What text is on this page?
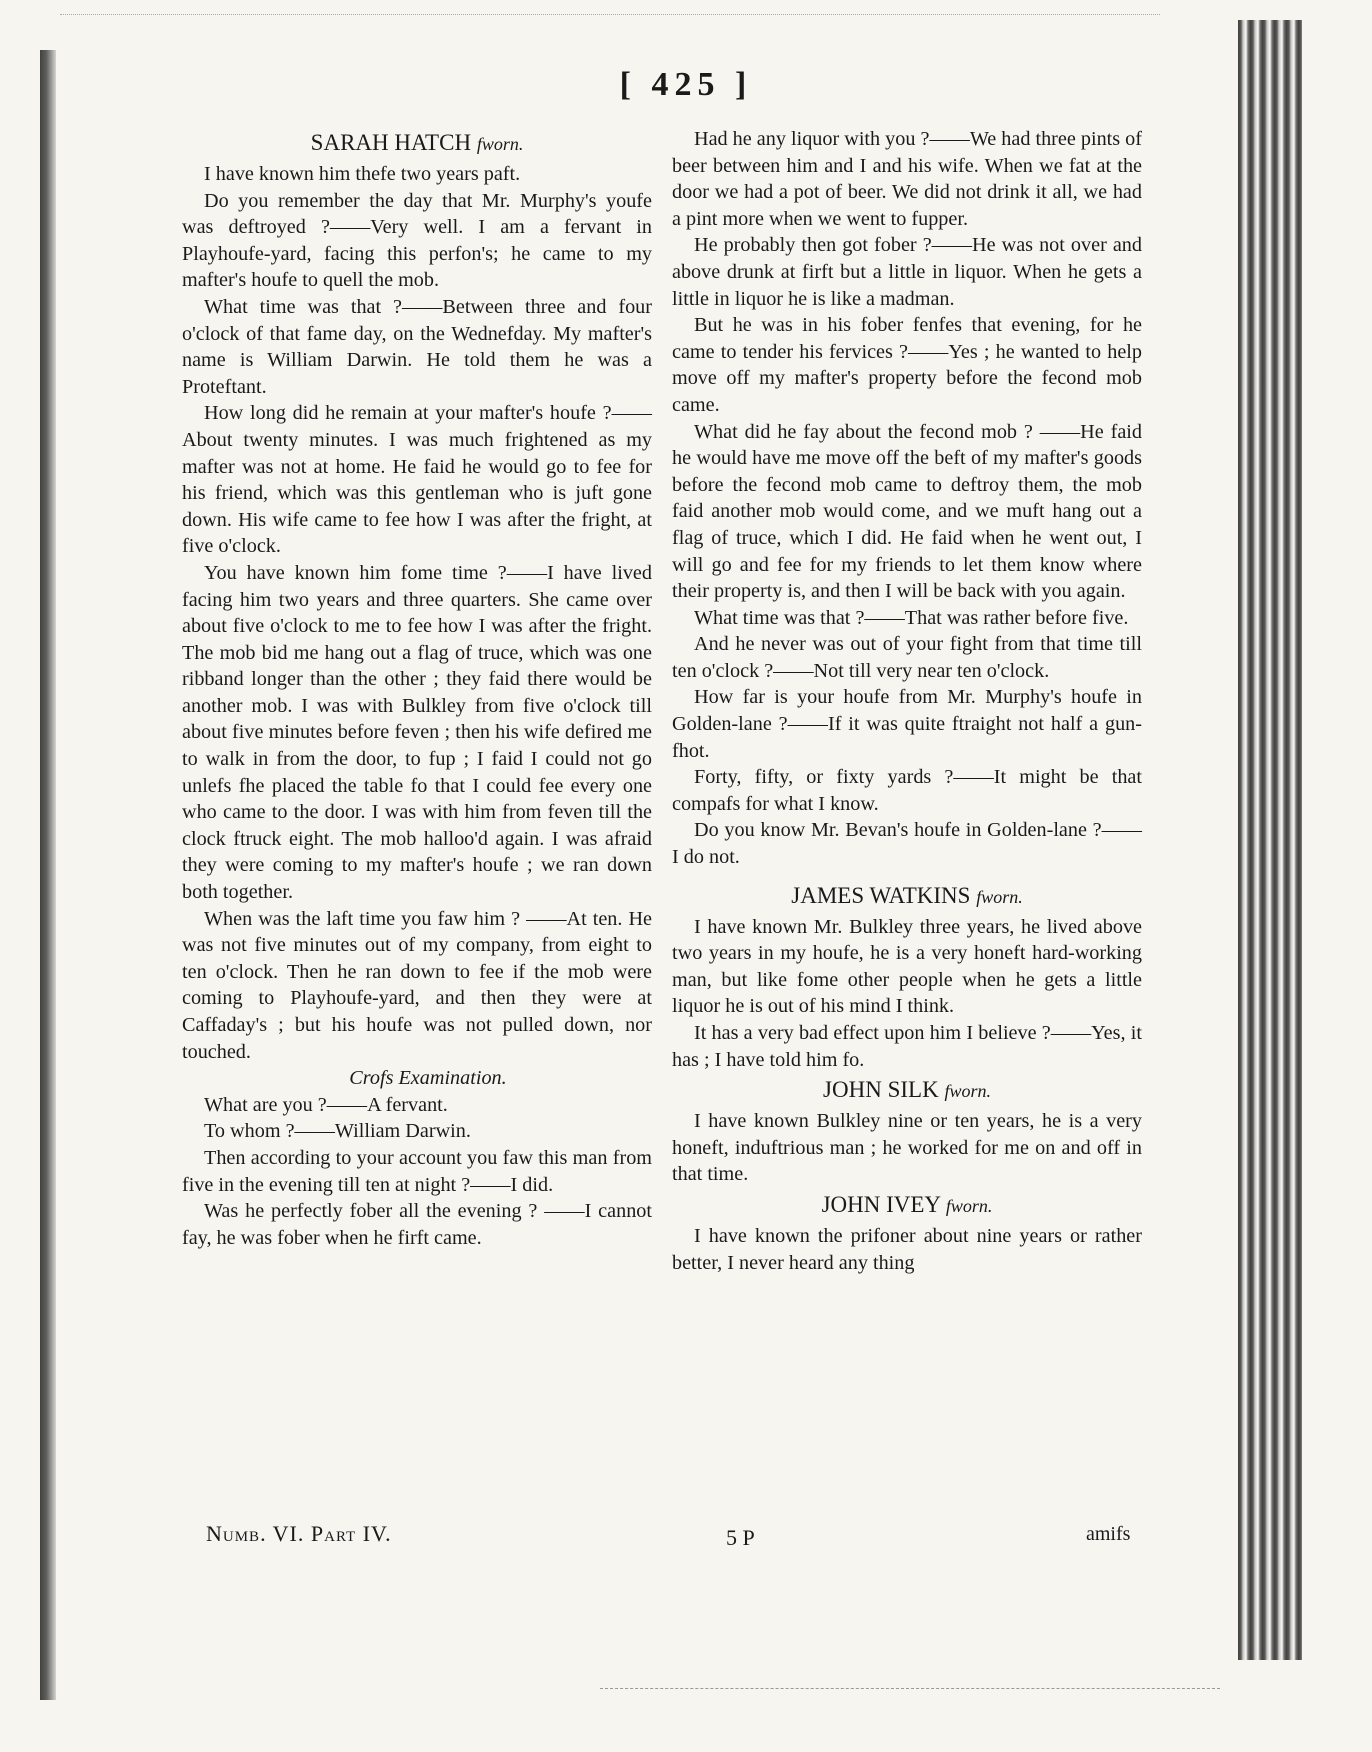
[ 425 ]
SARAH HATCH fworn.

I have known him thefe two years paft.

Do you remember the day that Mr. Murphy's youfe was deftroyed ?——Very well. I am a fervant in Playhoufe-yard, facing this perfon's; he came to my mafter's houfe to quell the mob.

What time was that ?——Between three and four o'clock of that fame day, on the Wednefday. My mafter's name is William Darwin. He told them he was a Proteftant.

How long did he remain at your mafter's houfe ?——About twenty minutes. I was much frightened as my mafter was not at home. He faid he would go to fee for his friend, which was this gentleman who is juft gone down. His wife came to fee how I was after the fright, at five o'clock.

You have known him fome time ?——I have lived facing him two years and three quarters. She came over about five o'clock to me to fee how I was after the fright. The mob bid me hang out a flag of truce, which was one ribband longer than the other ; they faid there would be another mob. I was with Bulkley from five o'clock till about five minutes before feven ; then his wife defired me to walk in from the door, to fup ; I faid I could not go unlefs fhe placed the table fo that I could fee every one who came to the door. I was with him from feven till the clock ftruck eight. The mob halloo'd again. I was afraid they were coming to my mafter's houfe ; we ran down both together.

When was the laft time you faw him ? ——At ten. He was not five minutes out of my company, from eight to ten o'clock. Then he ran down to fee if the mob were coming to Playhoufe-yard, and then they were at Caffaday's ; but his houfe was not pulled down, nor touched.

Crofs Examination.

What are you ?——A fervant.

To whom ?——William Darwin.

Then according to your account you faw this man from five in the evening till ten at night ?——I did.

Was he perfectly fober all the evening ? ——I cannot fay, he was fober when he firft came.

Had he any liquor with you ?——We had three pints of beer between him and I and his wife. When we fat at the door we had a pot of beer. We did not drink it all, we had a pint more when we went to fupper.

He probably then got fober ?——He was not over and above drunk at firft but a little in liquor. When he gets a little in liquor he is like a madman.

But he was in his fober fenfes that evening, for he came to tender his fervices ?——Yes ; he wanted to help move off my mafter's property before the fecond mob came.

What did he fay about the fecond mob ? ——He faid he would have me move off the beft of my mafter's goods before the fecond mob came to deftroy them, the mob faid another mob would come, and we muft hang out a flag of truce, which I did. He faid when he went out, I will go and fee for my friends to let them know where their property is, and then I will be back with you again.

What time was that ?——That was rather before five.

And he never was out of your fight from that time till ten o'clock ?——Not till very near ten o'clock.

How far is your houfe from Mr. Murphy's houfe in Golden-lane ?——If it was quite ftraight not half a gun-fhot.

Forty, fifty, or fixty yards ?——It might be that compafs for what I know.

Do you know Mr. Bevan's houfe in Golden-lane ?——I do not.

JAMES WATKINS fworn.

I have known Mr. Bulkley three years, he lived above two years in my houfe, he is a very honeft hard-working man, but like fome other people when he gets a little liquor he is out of his mind I think.

It has a very bad effect upon him I believe ?——Yes, it has ; I have told him fo.

JOHN SILK fworn.

I have known Bulkley nine or ten years, he is a very honeft, induftrious man ; he worked for me on and off in that time.

JOHN IVEY fworn.

I have known the prifoner about nine years or rather better, I never heard any thing

Numb. VI. Part IV.	5 P	amifs
